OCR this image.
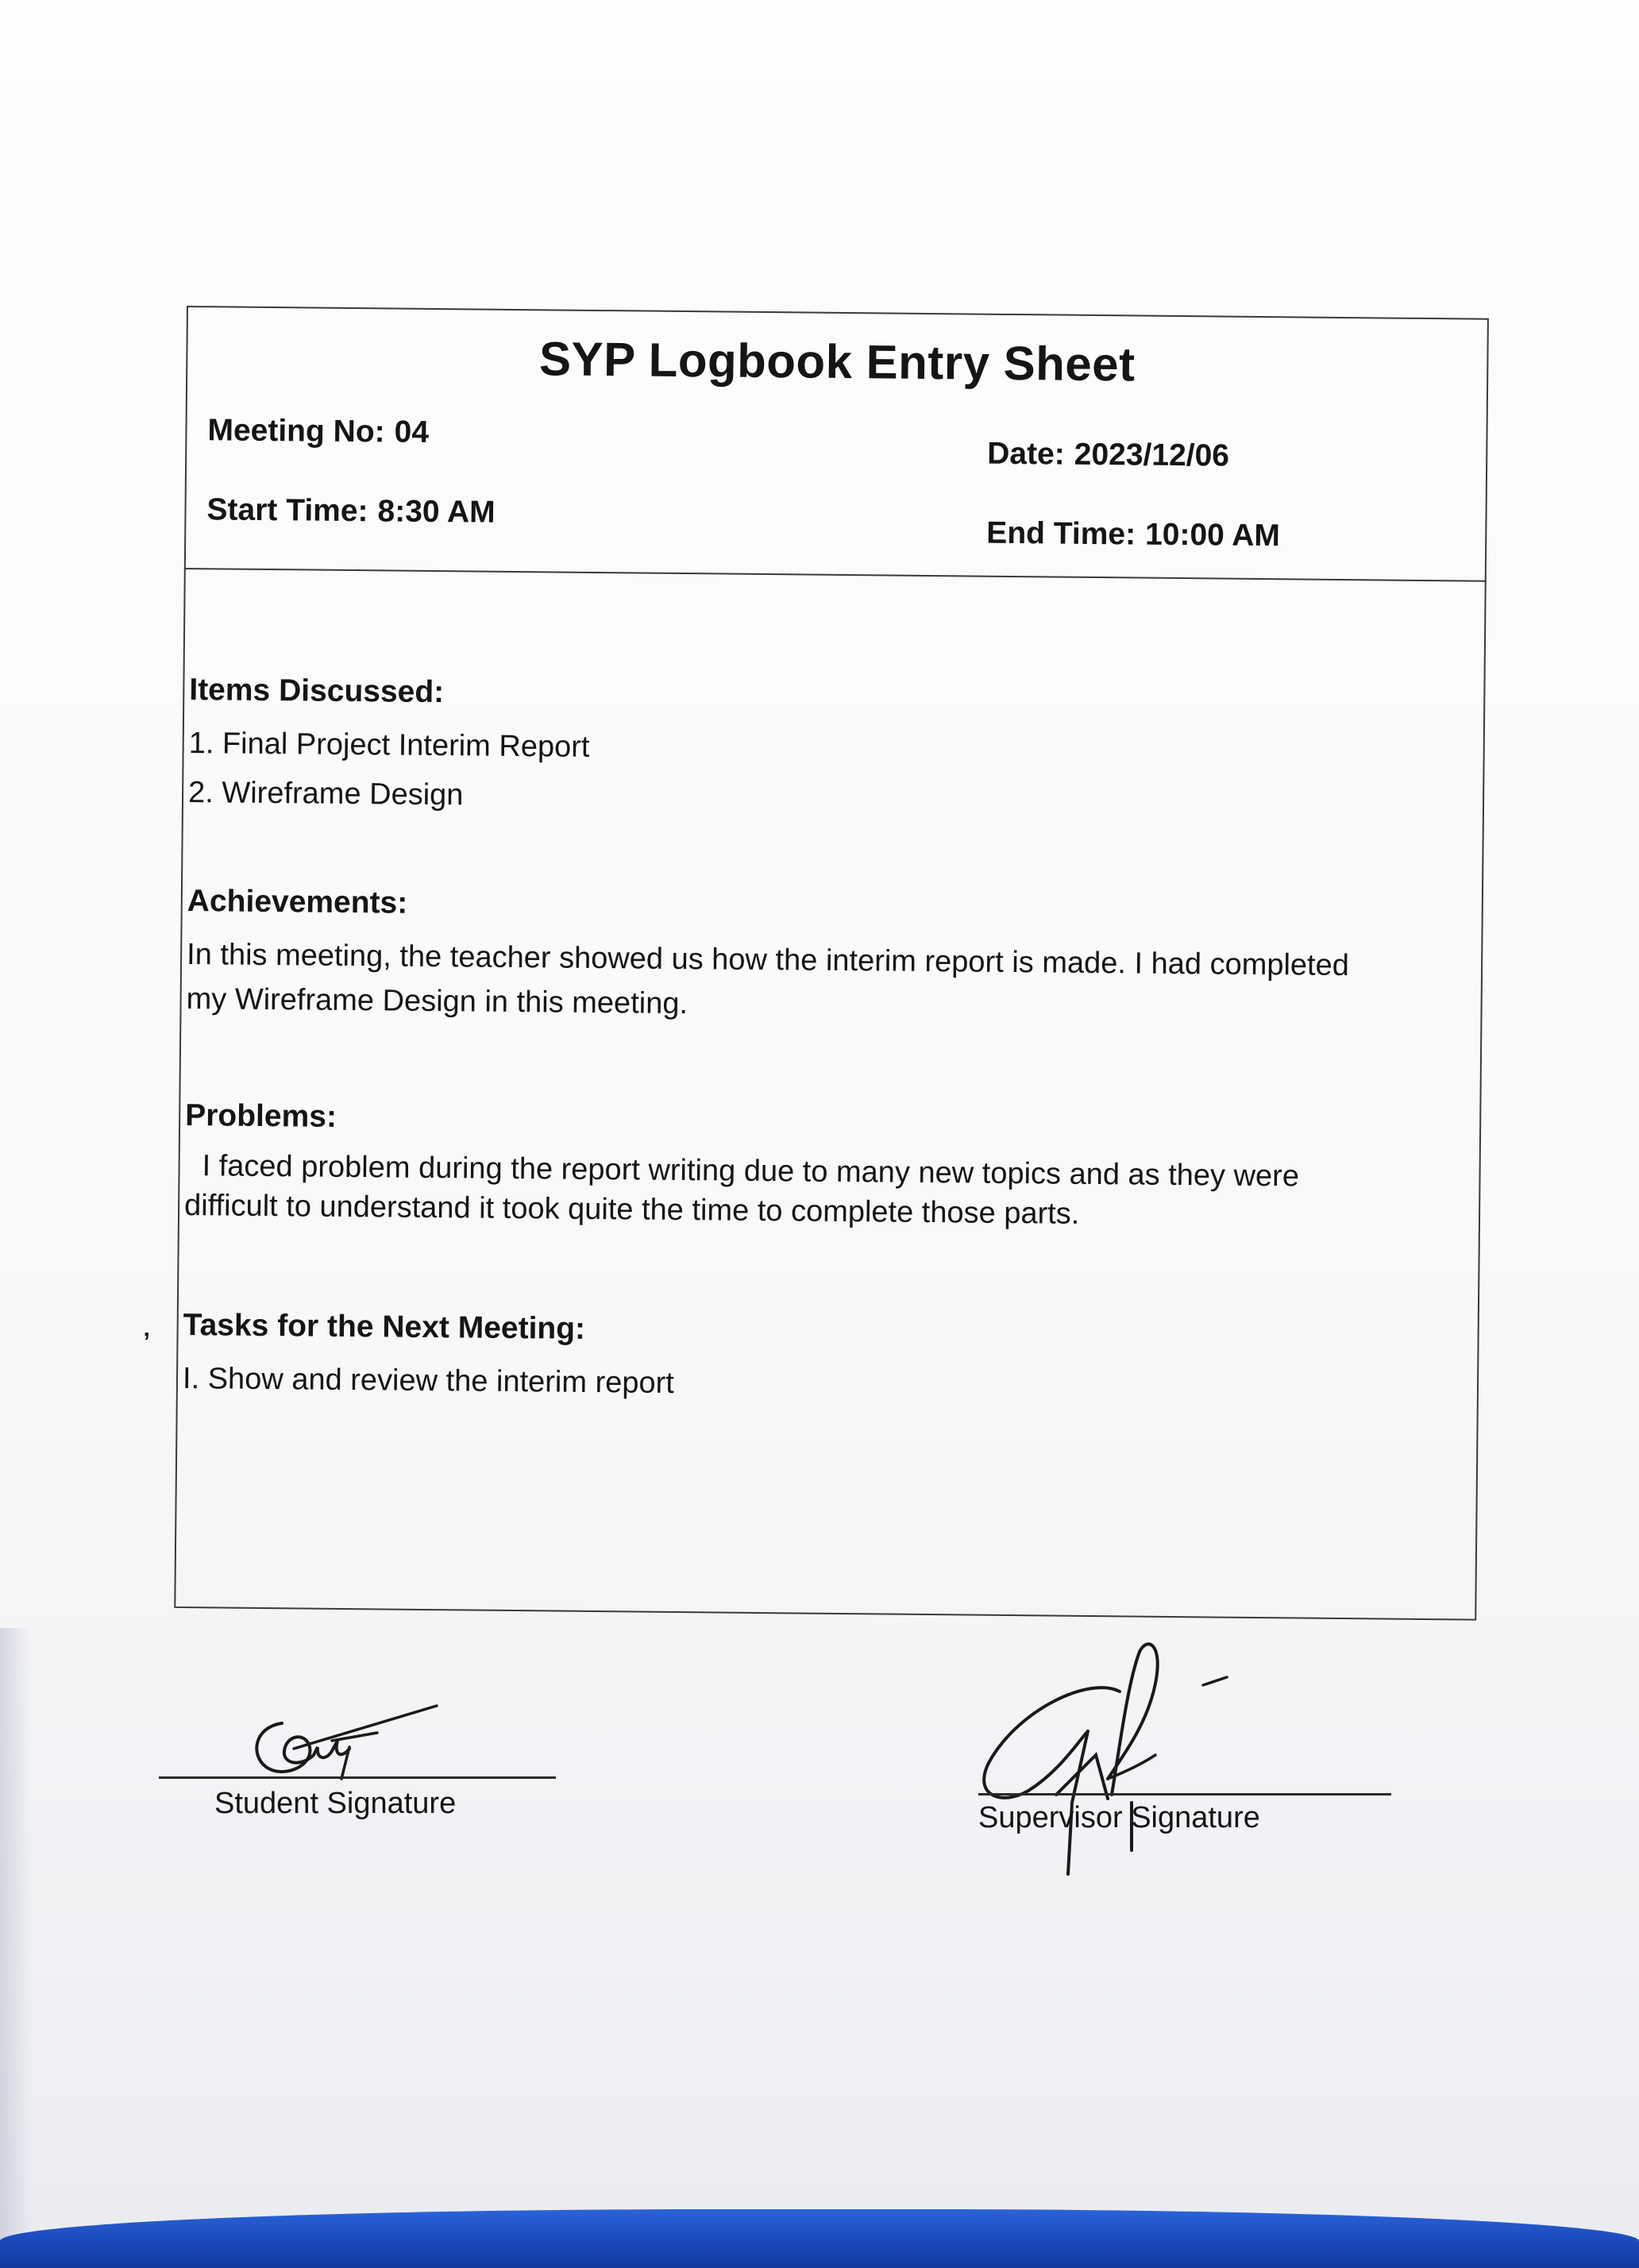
SYP Logbook Entry Sheet
Meeting No: 04
Date: 2023/12/06
Start Time: 8:30 AM
End Time: 10:00 AM
Items Discussed:
1. Final Project Interim Report
2. Wireframe Design
Achievements:
In this meeting, the teacher showed us how the interim report is made. I had completed
my Wireframe Design in this meeting.
Problems:
I faced problem during the report writing due to many new topics and as they were
difficult to understand it took quite the time to complete those parts.
, Tasks for the Next Meeting:
I. Show and review the interim report
Student Signature	Supervisor Signature
